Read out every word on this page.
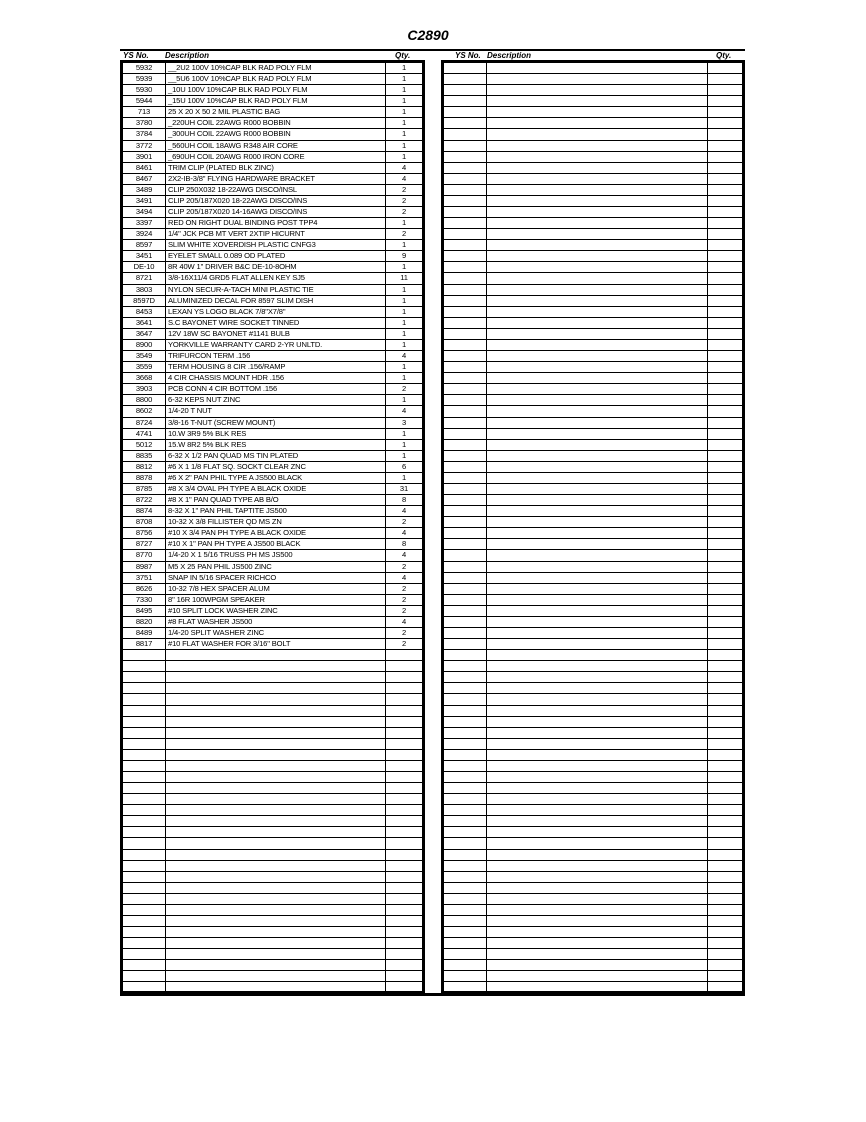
C2890
YS No. Description	Qty.	YS No. Description	Qty.
5932	__2U2 100V 10%CAP BLK RAD POLY FLM	1
5939	__5U6 100V 10%CAP BLK RAD POLY FLM	1
5930	_10U 100V 10%CAP BLK RAD POLY FLM	1
5944	_15U 100V 10%CAP BLK RAD POLY FLM	1
713	25 X 20 X 50 2 MIL PLASTIC BAG	1
3780	_220UH COIL 22AWG R000 BOBBIN	1
3784	_300UH COIL 22AWG R000 BOBBIN	1
3772	_560UH COIL 18AWG R348 AIR CORE	1
3901	_690UH COIL 20AWG R000 IRON CORE	1
8461	TRIM CLIP (PLATED BLK ZINC)	4
8467	2X2-IB-3/8" FLYING HARDWARE BRACKET	4
3489	CLIP 250X032 18-22AWG DISCO/INSL	2
3491	CLIP 205/187X020 18-22AWG DISCO/INS	2
3494	CLIP 205/187X020 14-16AWG DISCO/INS	2
3397	RED ON RIGHT DUAL BINDING POST TPP4	1
3924	1/4" JCK PCB MT VERT 2XTIP HICURNT	2
8597	SLIM WHITE XOVERDISH PLASTIC CNFG3	1
3451	EYELET SMALL 0.089 OD PLATED	9
DE-10	8R 40W 1" DRIVER B&C DE-10-8OHM	1
8721	3/8-16X11/4 GRD5 FLAT ALLEN KEY SJ5	11
3803	NYLON SECUR-A-TACH MINI PLASTIC TIE	1
8597D	ALUMINIZED DECAL FOR 8597 SLIM DISH	1
8453	LEXAN YS LOGO BLACK 7/8"X7/8"	1
3641	S.C BAYONET WIRE SOCKET TINNED	1
3647	12V 18W SC BAYONET #1141 BULB	1
8900	YORKVILLE WARRANTY CARD 2-YR UNLTD.	1
3549	TRIFURCON TERM .156	4
3559	TERM HOUSING 8 CIR .156/RAMP	1
3668	4 CIR CHASSIS MOUNT HDR .156	1
3903	PCB CONN 4 CIR BOTTOM .156	2
8800	6-32 KEPS NUT ZINC	1
8602	1/4-20 T NUT	4
8724	3/8-16 T-NUT (SCREW MOUNT)	3
4741	10.W 3R9 5% BLK RES	1
5012	15.W 8R2 5% BLK RES	1
8835	6-32 X 1/2 PAN QUAD MS TIN PLATED	1
8812	#6 X 1 1/8 FLAT SQ. SOCKT CLEAR ZNC	6
8878	#6 X 2" PAN PHIL TYPE A JS500 BLACK	1
8785	#8 X 3/4 OVAL PH TYPE A BLACK OXIDE	31
8722	#8 X 1" PAN QUAD TYPE AB B/O	8
8874	8-32 X 1" PAN PHIL TAPTITE JS500	4
8708	10-32 X 3/8 FILLISTER QD MS ZN	2
8756	#10 X 3/4 PAN PH TYPE A BLACK OXIDE	4
8727	#10 X 1" PAN PH TYPE A JS500 BLACK	8
8770	1/4-20 X 1 5/16 TRUSS PH MS JS500	4
8987	M5 X 25 PAN PHIL JS500 ZINC	2
3751	SNAP IN 5/16 SPACER RICHCO	4
8626	10-32 7/8 HEX SPACER ALUM	2
7330	8" 16R 100WPGM SPEAKER	2
8495	#10 SPLIT LOCK WASHER ZINC	2
8820	#8 FLAT WASHER JS500	4
8489	1/4-20 SPLIT WASHER ZINC	2
8817	#10 FLAT WASHER FOR 3/16" BOLT	2
